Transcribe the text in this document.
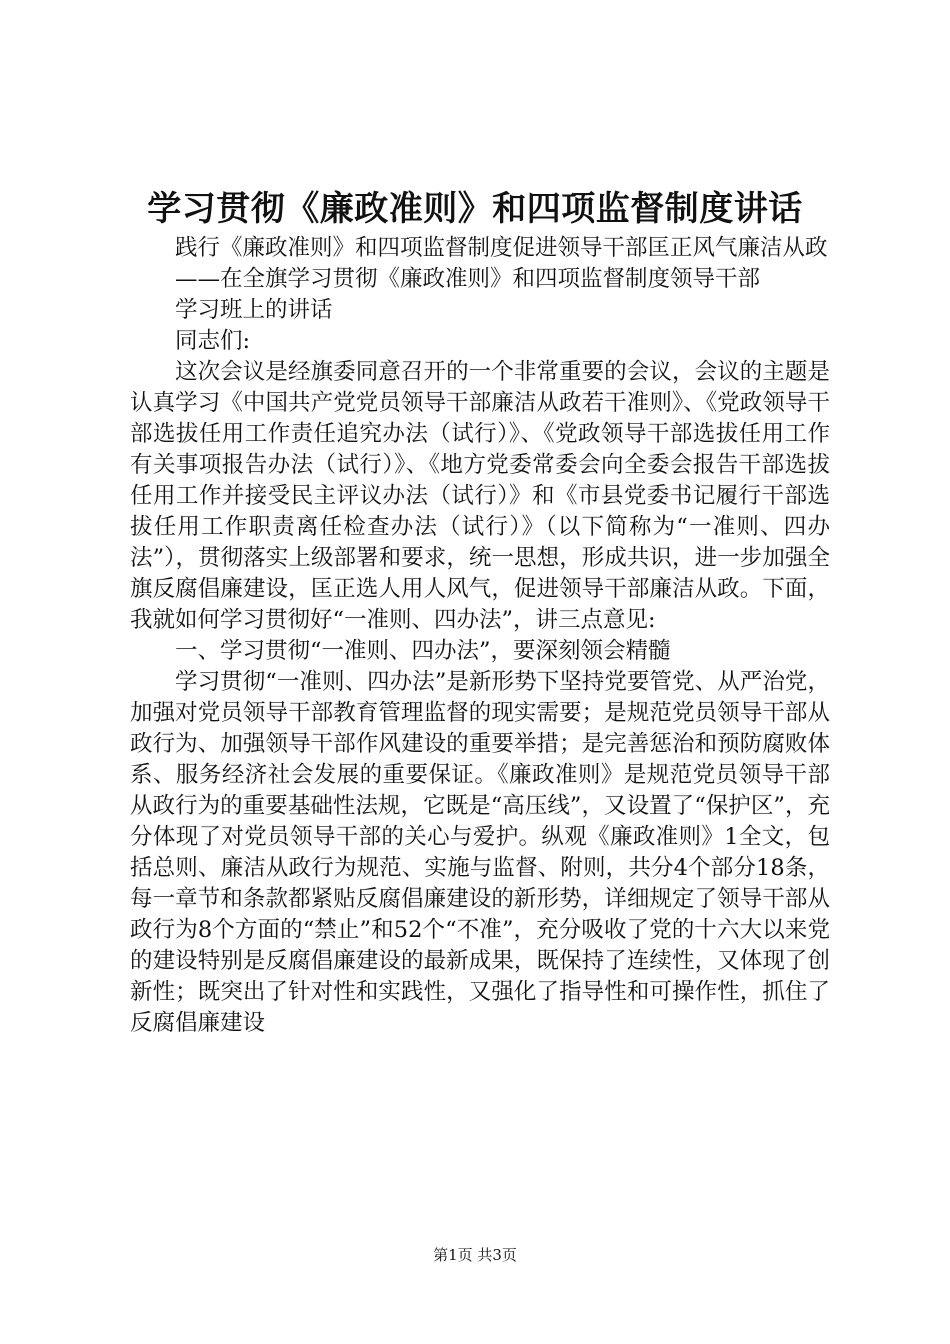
学习贯彻《廉政准则》和四项监督制度讲话

践行《廉政准则》和四项监督制度促进领导干部匡正风气廉洁从政

——在全旗学习贯彻《廉政准则》和四项监督制度领导干部

学习班上的讲话

同志们:

这次会议是经旗委同意召开的一个非常重要的会议，会议的主题是认真学习《中国共产党党员领导干部廉洁从政若干准则》、《党政领导干部选拔任用工作责任追究办法（试行）》、《党政领导干部选拔任用工作有关事项报告办法（试行）》、《地方党委常委会向全委会报告干部选拔任用工作并接受民主评议办法（试行）》和《市县党委书记履行干部选拔任用工作职责离任检查办法（试行）》（以下简称为“一准则、四办法”），贯彻落实上级部署和要求，统一思想，形成共识，进一步加强全旗反腐倡廉建设，匡正选人用人风气，促进领导干部廉洁从政。下面，我就如何学习贯彻好“一准则、四办法”，讲三点意见:

一、学习贯彻“一准则、四办法”，要深刻领会精髓

学习贯彻“一准则、四办法”是新形势下坚持党要管党、从严治党，加强对党员领导干部教育管理监督的现实需要；是规范党员领导干部从政行为、加强领导干部作风建设的重要举措；是完善惩治和预防腐败体系、服务经济社会发展的重要保证。《廉政准则》是规范党员领导干部从政行为的重要基础性法规，它既是“高压线”，又设置了“保护区”，充分体现了对党员领导干部的关心与爱护。纵观《廉政准则》1全文，包括总则、廉洁从政行为规范、实施与监督、附则，共分4个部分18条，每一章节和条款都紧贴反腐倡廉建设的新形势，详细规定了领导干部从政行为8个方面的“禁止”和52个“不准”，充分吸收了党的十六大以来党的建设特别是反腐倡廉建设的最新成果，既保持了连续性，又体现了创新性；既突出了针对性和实践性，又强化了指导性和可操作性，抓住了反腐倡廉建设

第1页 共3页
